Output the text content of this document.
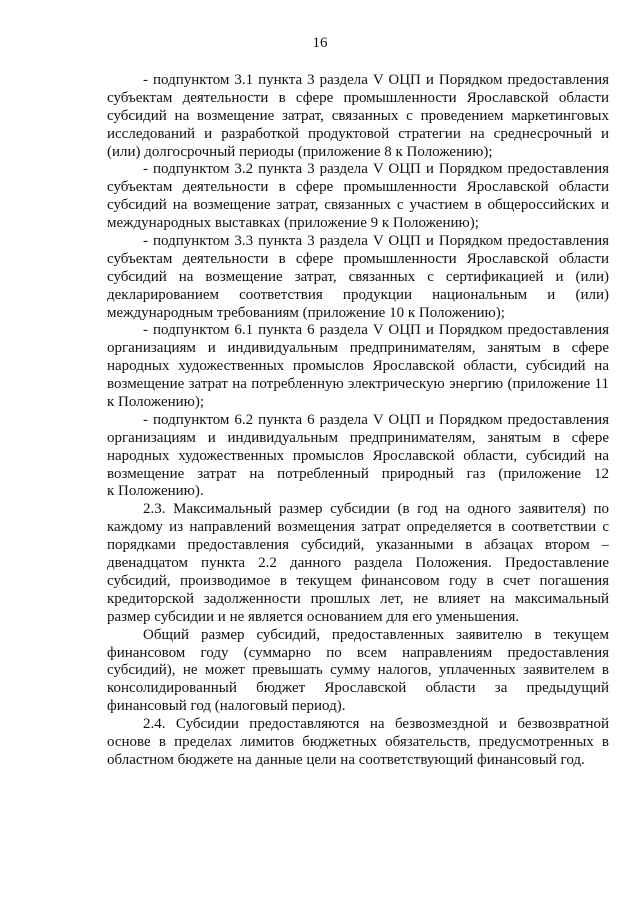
16
- подпунктом 3.1 пункта 3 раздела V ОЦП и Порядком предоставления
субъектам деятельности в сфере промышленности Ярославской области
субсидий на возмещение затрат, связанных с проведением маркетинговых
исследований и разработкой продуктовой стратегии на среднесрочный и
(или) долгосрочный периоды (приложение 8 к Положению);
- подпунктом 3.2 пункта 3 раздела V ОЦП и Порядком предоставления
субъектам деятельности в сфере промышленности Ярославской области
субсидий на возмещение затрат, связанных с участием в общероссийских и
международных выставках (приложение 9 к Положению);
- подпунктом 3.3 пункта 3 раздела V ОЦП и Порядком предоставления
субъектам деятельности в сфере промышленности Ярославской области
субсидий на возмещение затрат, связанных с сертификацией и (или)
декларированием соответствия продукции национальным и (или)
международным требованиям (приложение 10 к Положению);
- подпунктом 6.1 пункта 6 раздела V ОЦП и Порядком предоставления
организациям и индивидуальным предпринимателям, занятым в сфере
народных художественных промыслов Ярославской области, субсидий на
возмещение затрат на потребленную электрическую энергию (приложение 11
к Положению);
- подпунктом 6.2 пункта 6 раздела V ОЦП и Порядком предоставления
организациям и индивидуальным предпринимателям, занятым в сфере
народных художественных промыслов Ярославской области, субсидий на
возмещение затрат на потребленный природный газ (приложение 12
к Положению).
2.3. Максимальный размер субсидии (в год на одного заявителя) по
каждому из направлений возмещения затрат определяется в соответствии с
порядками предоставления субсидий, указанными в абзацах втором –
двенадцатом пункта 2.2 данного раздела Положения. Предоставление
субсидий, производимое в текущем финансовом году в счет погашения
кредиторской задолженности прошлых лет, не влияет на максимальный
размер субсидии и не является основанием для его уменьшения.
Общий размер субсидий, предоставленных заявителю в текущем
финансовом году (суммарно по всем направлениям предоставления
субсидий), не может превышать сумму налогов, уплаченных заявителем в
консолидированный бюджет Ярославской области за предыдущий
финансовый год (налоговый период).
2.4. Субсидии предоставляются на безвозмездной и безвозвратной
основе в пределах лимитов бюджетных обязательств, предусмотренных в
областном бюджете на данные цели на соответствующий финансовый год.
